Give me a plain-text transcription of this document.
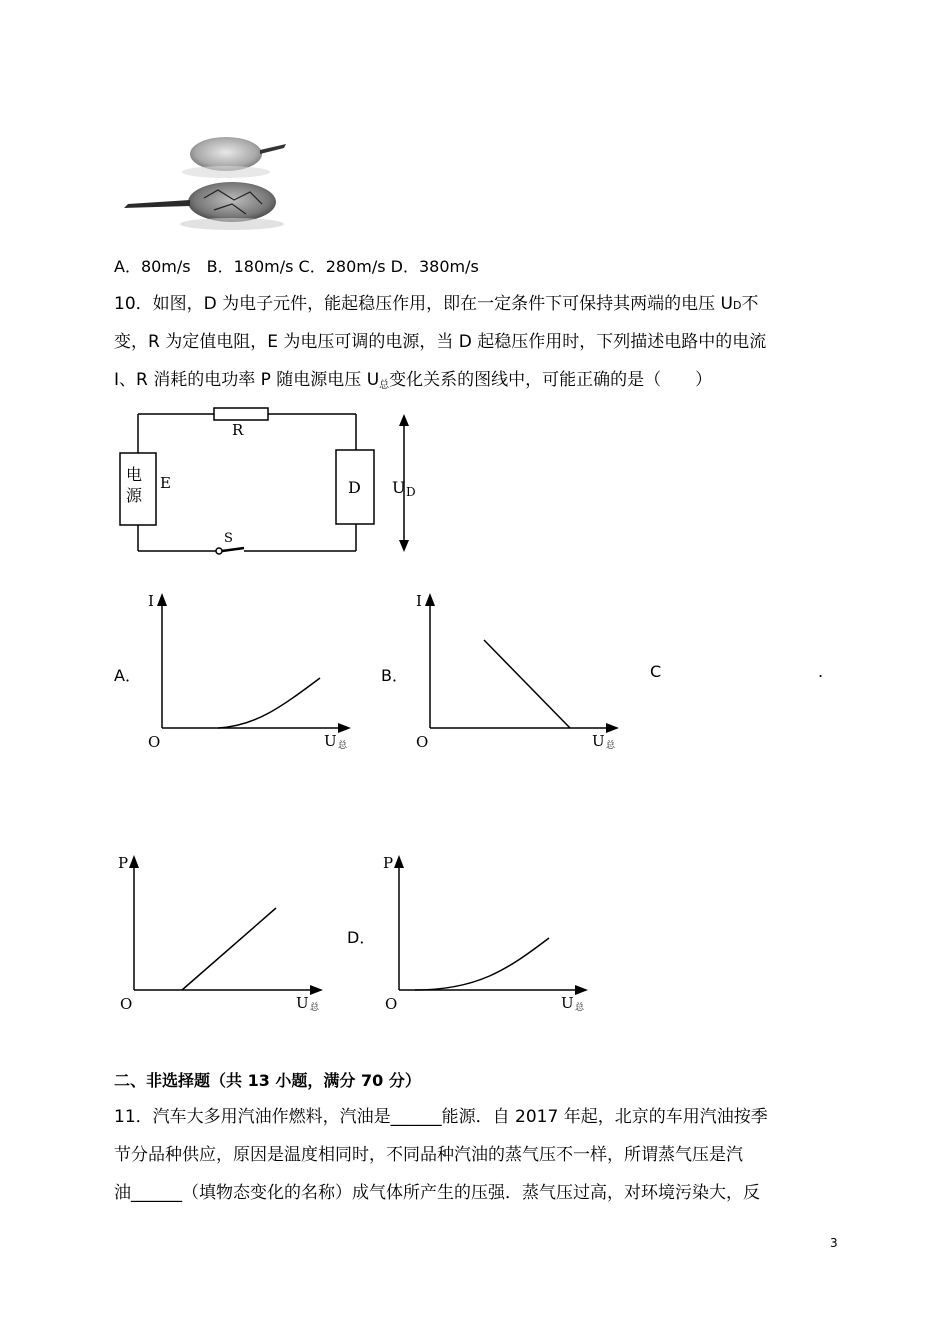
A．80m/s　B．180m/s C．280m/s D．380m/s
10．如图，D 为电子元件，能起稳压作用，即在一定条件下可保持其两端的电压 UD不
变，R 为定值电阻，E 为电压可调的电源，当 D 起稳压作用时，下列描述电路中的电流
I、R 消耗的电功率 P 随电源电压 U总变化关系的图线中，可能正确的是（　　）
R
电
源
E	D U D
S
A．
I
O	U 总
B．
I
O	U 总
C	.
P
O	U 总
D．
P
O	U 总
二、非选择题（共 13 小题，满分 70 分）
11．汽车大多用汽油作燃料，汽油是______能源．自 2017 年起，北京的车用汽油按季
节分品种供应，原因是温度相同时，不同品种汽油的蒸气压不一样，所谓蒸气压是汽
油______（填物态变化的名称）成气体所产生的压强．蒸气压过高，对环境污染大，反
3
